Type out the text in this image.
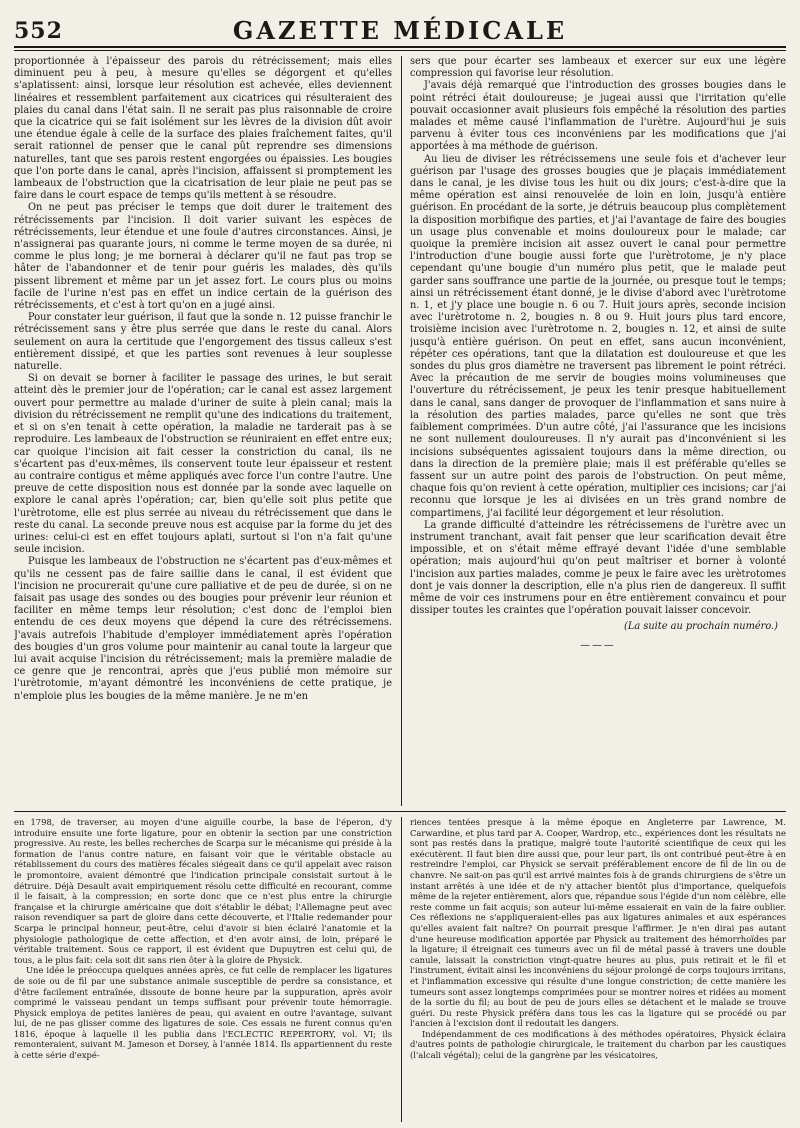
552	GAZETTE MÉDICALE

proportionnée à l'épaisseur des parois du rétrécissement; mais elles diminuent peu à peu, à mesure qu'elles se dégorgent et qu'elles s'aplatissent: ainsi, lorsque leur résolution est achevée, elles deviennent linéaires et ressemblent parfaitement aux cicatrices qui résulteraient des plaies du canal dans l'état sain. Il ne serait pas plus raisonnable de croire que la cicatrice qui se fait isolément sur les lèvres de la division dût avoir une étendue égale à celle de la surface des plaies fraîchement faites, qu'il serait rationnel de penser que le canal pût reprendre ses dimensions naturelles, tant que ses parois restent engorgées ou épaissies. Les bougies que l'on porte dans le canal, après l'incision, affaissent si promptement les lambeaux de l'obstruction que la cicatrisation de leur plaie ne peut pas se faire dans le court espace de temps qu'ils mettent à se résoudre.

On ne peut pas préciser le temps que doit durer le traitement des rétrécissements par l'incision. Il doit varier suivant les espèces de rétrécissements, leur étendue et une foule d'autres circonstances. Ainsi, je n'assignerai pas quarante jours, ni comme le terme moyen de sa durée, ni comme le plus long; je me bornerai à déclarer qu'il ne faut pas trop se hâter de l'abandonner et de tenir pour guéris les malades, dès qu'ils pissent librement et même par un jet assez fort. Le cours plus ou moins facile de l'urine n'est pas en effet un indice certain de la guérison des rétrécissements, et c'est à tort qu'on en a jugé ainsi.

Pour constater leur guérison, il faut que la sonde n. 12 puisse franchir le rétrécissement sans y être plus serrée que dans le reste du canal. Alors seulement on aura la certitude que l'engorgement des tissus calleux s'est entièrement dissipé, et que les parties sont revenues à leur souplesse naturelle.

Si on devait se borner à faciliter le passage des urines, le but serait atteint dès le premier jour de l'opération; car le canal est assez largement ouvert pour permettre au malade d'uriner de suite à plein canal; mais la division du rétrécissement ne remplit qu'une des indications du traitement, et si on s'en tenait à cette opération, la maladie ne tarderait pas à se reproduire. Les lambeaux de l'obstruction se réuniraient en effet entre eux; car quoique l'incision ait fait cesser la constriction du canal, ils ne s'écartent pas d'eux-mêmes, ils conservent toute leur épaisseur et restent au contraire contigus et même appliqués avec force l'un contre l'autre. Une preuve de cette disposition nous est donnée par la sonde avec laquelle on explore le canal après l'opération; car, bien qu'elle soit plus petite que l'urètrotome, elle est plus serrée au niveau du rétrécissement que dans le reste du canal. La seconde preuve nous est acquise par la forme du jet des urines: celui-ci est en effet toujours aplati, surtout si l'on n'a fait qu'une seule incision.

Puisque les lambeaux de l'obstruction ne s'écartent pas d'eux-mêmes et qu'ils ne cessent pas de faire saillie dans le canal, il est évident que l'incision ne procurerait qu'une cure palliative et de peu de durée, si on ne faisait pas usage des sondes ou des bougies pour prévenir leur réunion et faciliter en même temps leur résolution; c'est donc de l'emploi bien entendu de ces deux moyens que dépend la cure des rétrécissemens. J'avais autrefois l'habitude d'employer immédiatement après l'opération des bougies d'un gros volume pour maintenir au canal toute la largeur que lui avait acquise l'incision du rétrécissement; mais la première maladie de ce genre que je rencontrai, après que j'eus publié mon mémoire sur l'urètrotomie, m'ayant démontré les inconvéniens de cette pratique, je n'emploie plus les bougies de la même manière. Je ne m'en

sers que pour écarter ses lambeaux et exercer sur eux une légère compression qui favorise leur résolution.

J'avais déjà remarqué que l'introduction des grosses bougies dans le point rétréci était douloureuse; je jugeai aussi que l'irritation qu'elle pouvait occasionner avait plusieurs fois empêché la résolution des parties malades et même causé l'inflammation de l'urètre. Aujourd'hui je suis parvenu à éviter tous ces inconvéniens par les modifications que j'ai apportées à ma méthode de guérison.

Au lieu de diviser les rétrécissemens une seule fois et d'achever leur guérison par l'usage des grosses bougies que je plaçais immédiatement dans le canal, je les divise tous les huit ou dix jours; c'est-à-dire que la même opération est ainsi renouvelée de loin en loin, jusqu'à entière guérison. En procédant de la sorte, je détruis beaucoup plus complètement la disposition morbifique des parties, et j'ai l'avantage de faire des bougies un usage plus convenable et moins douloureux pour le malade; car quoique la première incision ait assez ouvert le canal pour permettre l'introduction d'une bougie aussi forte que l'urètrotome, je n'y place cependant qu'une bougie d'un numéro plus petit, que le malade peut garder sans souffrance une partie de la journée, ou presque tout le temps; ainsi un rétrécissement étant donné, je le divise d'abord avec l'urètrotome n. 1, et j'y place une bougie n. 6 ou 7. Huit jours après, seconde incision avec l'urètrotome n. 2, bougies n. 8 ou 9. Huit jours plus tard encore, troisième incision avec l'urètrotome n. 2, bougies n. 12, et ainsi de suite jusqu'à entière guérison. On peut en effet, sans aucun inconvénient, répéter ces opérations, tant que la dilatation est douloureuse et que les sondes du plus gros diamètre ne traversent pas librement le point rétréci. Avec la précaution de me servir de bougies moins volumineuses que l'ouverture du rétrécissement, je peux les tenir presque habituellement dans le canal, sans danger de provoquer de l'inflammation et sans nuire à la résolution des parties malades, parce qu'elles ne sont que très faiblement comprimées. D'un autre côté, j'ai l'assurance que les incisions ne sont nullement douloureuses. Il n'y aurait pas d'inconvénient si les incisions subséquentes agissaient toujours dans la même direction, ou dans la direction de la première plaie; mais il est préférable qu'elles se fassent sur un autre point des parois de l'obstruction. On peut même, chaque fois qu'on revient à cette opération, multiplier ces incisions; car j'ai reconnu que lorsque je les ai divisées en un très grand nombre de compartimens, j'ai facilité leur dégorgement et leur résolution.

La grande difficulté d'atteindre les rétrécissemens de l'urètre avec un instrument tranchant, avait fait penser que leur scarification devait être impossible, et on s'était même effrayé devant l'idée d'une semblable opération; mais aujourd'hui qu'on peut maîtriser et borner à volonté l'incision aux parties malades, comme je peux le faire avec les urètrotomes dont je vais donner la description, elle n'a plus rien de dangereux. Il suffit même de voir ces instrumens pour en être entièrement convaincu et pour dissiper toutes les craintes que l'opération pouvait laisser concevoir.

(La suite au prochain numéro.)
———

en 1798, de traverser, au moyen d'une aiguille courbe, la base de l'éperon, d'y introduire ensuite une forte ligature, pour en obtenir la section par une constriction progressive. Au reste, les belles recherches de Scarpa sur le mécanisme qui préside à la formation de l'anus contre nature, en faisant voir que le véritable obstacle au rétablissement du cours des matières fécales siégeait dans ce qu'il appelait avec raison le promontoire, avaient démontré que l'indication principale consistait surtout à le détruire. Déjà Desault avait empiriquement résolu cette difficulté en recourant, comme il le faisait, à la compression; en sorte donc que ce n'est plus entre la chirurgie française et la chirurgie américaine que doit s'établir le débat; l'Allemagne peut avec raison revendiquer sa part de gloire dans cette découverte, et l'Italie redemander pour Scarpa le principal honneur, peut-être, celui d'avoir si bien éclairé l'anatomie et la physiologie pathologique de cette affection, et d'en avoir ainsi, de loin, préparé le véritable traitement. Sous ce rapport, il est évident que Dupuytren est celui qui, de tous, a le plus fait: cela soit dit sans rien ôter à la gloire de Physick.

Une idée le préoccupa quelques années après, ce fut celle de remplacer les ligatures de soie ou de fil par une substance animale susceptible de perdre sa consistance, et d'être facilement entraînée, dissoute de bonne heure par la suppuration, après avoir comprimé le vaisseau pendant un temps suffisant pour prévenir toute hémorragie. Physick employa de petites lanières de peau, qui avaient en outre l'avantage, suivant lui, de ne pas glisser comme des ligatures de soie. Ces essais ne furent connus qu'en 1816, époque à laquelle il les publia dans l'ECLECTIC REPERTORY, vol. VI; ils remonteraient, suivant M. Jameson et Dorsey, à l'année 1814. Ils appartiennent du reste à cette série d'expé-

riences tentées presque à la même époque en Angleterre par Lawrence, M. Carwardine, et plus tard par A. Cooper, Wardrop, etc., expériences dont les résultats ne sont pas restés dans la pratique, malgré toute l'autorité scientifique de ceux qui les exécutèrent. Il faut bien dire aussi que, pour leur part, ils ont contribué peut-être à en restreindre l'emploi, car Physick se servait préférablement encore de fil de lin ou de chanvre. Ne sait-on pas qu'il est arrivé maintes fois à de grands chirurgiens de s'être un instant arrêtés à une idée et de n'y attacher bientôt plus d'importance, quelquefois même de la rejeter entièrement, alors que, répandue sous l'égide d'un nom célèbre, elle reste comme un fait acquis; son auteur lui-même essaierait en vain de la faire oublier. Ces réflexions ne s'appliqueraient-elles pas aux ligatures animales et aux espérances qu'elles avaient fait naître? On pourrait presque l'affirmer. Je n'en dirai pas autant d'une heureuse modification apportée par Physick au traitement des hémorrhoïdes par la ligature; il étreignait ces tumeurs avec un fil de métal passé à travers une double canule, laissait la constriction vingt-quatre heures au plus, puis retirait et le fil et l'instrument, évitait ainsi les inconvéniens du séjour prolongé de corps toujours irritans, et l'inflammation excessive qui résulte d'une longue constriction; de cette manière les tumeurs sont assez longtemps comprimées pour se montrer noires et ridées au moment de la sortie du fil; au bout de peu de jours elles se détachent et le malade se trouve guéri. Du reste Physick préféra dans tous les cas la ligature qui se procédé ou par l'ancien à l'excision dont il redoutait les dangers.

Indépendamment de ces modifications à des méthodes opératoires, Physick éclaira d'autres points de pathologie chirurgicale, le traitement du charbon par les caustiques (l'alcali végétal); celui de la gangrène par les vésicatoires,
